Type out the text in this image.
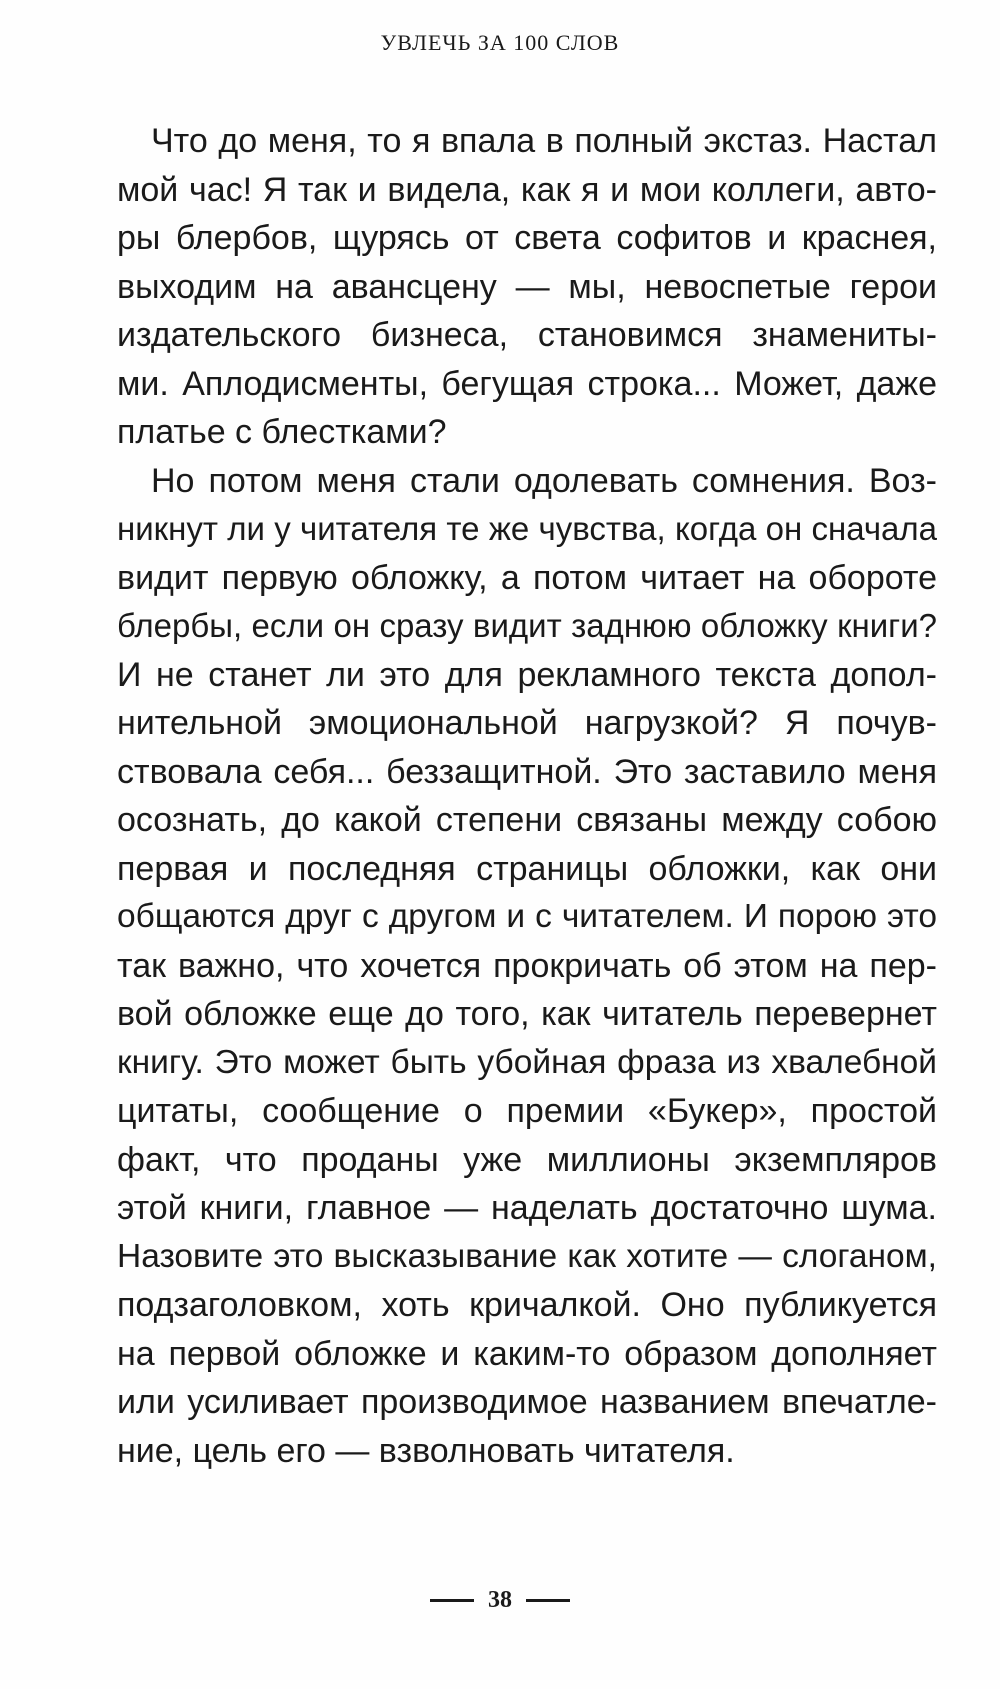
УВЛЕЧЬ ЗА 100 СЛОВ
Что до меня, то я впала в полный экстаз. Настал
мой час! Я так и видела, как я и мои коллеги, авто-
ры блербов, щурясь от света софитов и краснея,
выходим на авансцену — мы, невоспетые герои
издательского бизнеса, становимся знамениты-
ми. Аплодисменты, бегущая строка... Может, даже
платье с блестками?
Но потом меня стали одолевать сомнения. Воз-
никнут ли у читателя те же чувства, когда он сначала
видит первую обложку, а потом читает на обороте
блербы, если он сразу видит заднюю обложку книги?
И не станет ли это для рекламного текста допол-
нительной эмоциональной нагрузкой? Я почув-
ствовала себя... беззащитной. Это заставило меня
осознать, до какой степени связаны между собою
первая и последняя страницы обложки, как они
общаются друг с другом и с читателем. И порою это
так важно, что хочется прокричать об этом на пер-
вой обложке еще до того, как читатель перевернет
книгу. Это может быть убойная фраза из хвалебной
цитаты, сообщение о премии «Букер», простой
факт, что проданы уже миллионы экземпляров
этой книги, главное — наделать достаточно шума.
Назовите это высказывание как хотите — слоганом,
подзаголовком, хоть кричалкой. Оно публикуется
на первой обложке и каким-то образом дополняет
или усиливает производимое названием впечатле-
ние, цель его — взволновать читателя.
38
